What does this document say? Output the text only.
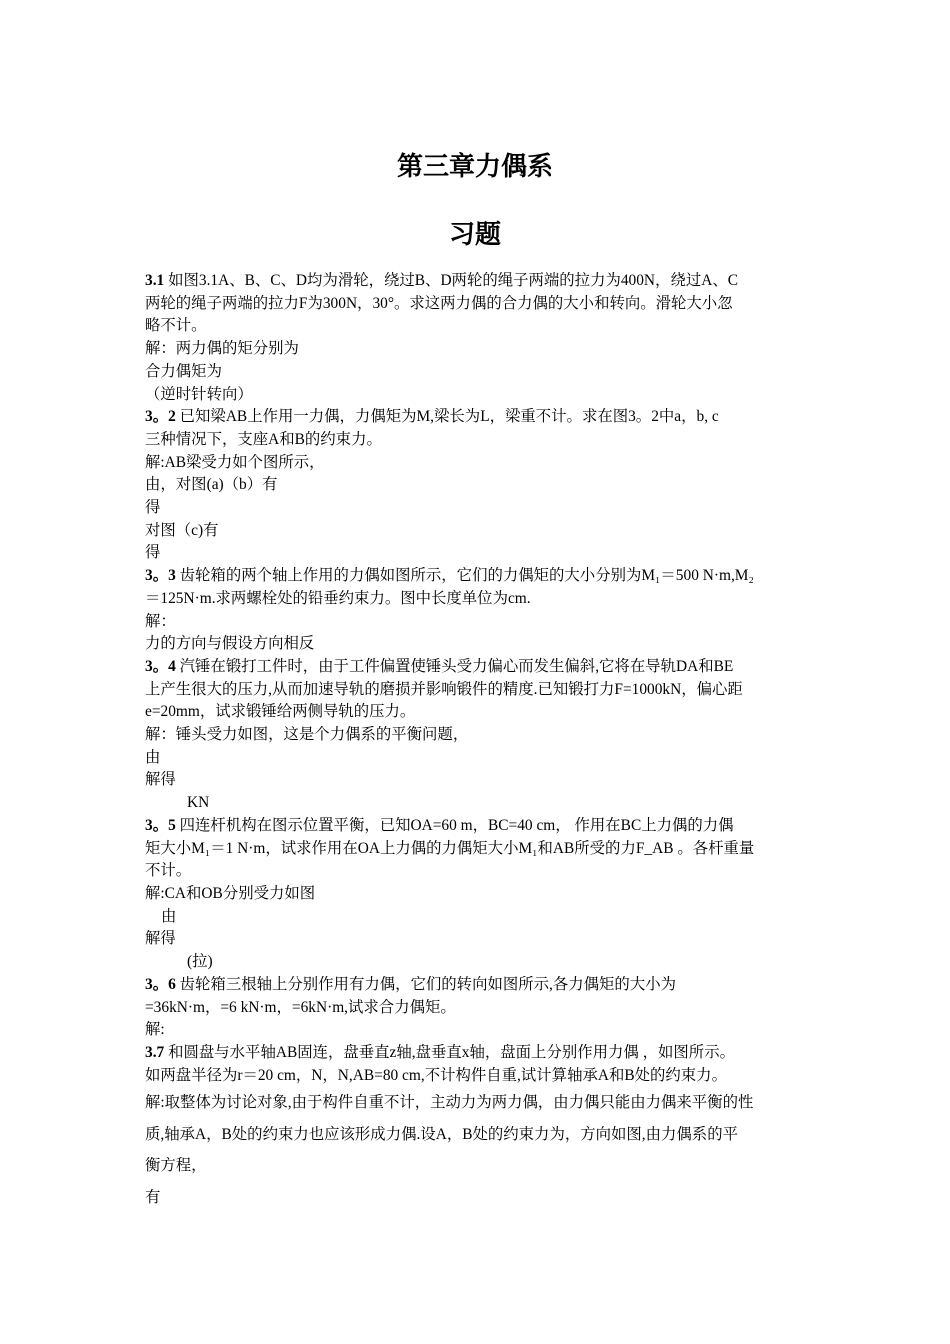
第三章力偶系
习题

3.1 如图3.1A、B、C、D均为滑轮，绕过B、D两轮的绳子两端的拉力为400N，绕过A、C

两轮的绳子两端的拉力F为300N，30°。求这两力偶的合力偶的大小和转向。滑轮大小忽

略不计。

解：两力偶的矩分别为

合力偶矩为

（逆时针转向）

3。2 已知梁AB上作用一力偶，力偶矩为M,梁长为L，梁重不计。求在图3。2中a，b, c

三种情况下，支座A和B的约束力。

解:AB梁受力如个图所示，

由，对图(a)（b）有

得

对图（c)有

得

3。3 齿轮箱的两个轴上作用的力偶如图所示，它们的力偶矩的大小分别为M₁＝500 N·m,M₂

＝125N·m.求两螺栓处的铅垂约束力。图中长度单位为cm.

解：

力的方向与假设方向相反

3。4 汽锤在锻打工件时，由于工件偏置使锤头受力偏心而发生偏斜,它将在导轨DA和BE

上产生很大的压力,从而加速导轨的磨损并影响锻件的精度.已知锻打力F=1000kN，偏心距

e=20mm，试求锻锤给两侧导轨的压力。

解：锤头受力如图，这是个力偶系的平衡问题，

由

解得

KN

3。5 四连杆机构在图示位置平衡，已知OA=60 m，BC=40 cm， 作用在BC上力偶的力偶

矩大小M₁＝1 N·m，试求作用在OA上力偶的力偶矩大小M₁和AB所受的力F_AB 。各杆重量

不计。

解:CA和OB分别受力如图

由

解得

(拉)

3。6 齿轮箱三根轴上分别作用有力偶，它们的转向如图所示,各力偶矩的大小为

=36kN·m，=6 kN·m，=6kN·m,试求合力偶矩。

解:

3.7 和圆盘与水平轴AB固连，盘垂直z轴,盘垂直x轴，盘面上分别作用力偶 ，如图所示。

如两盘半径为r＝20 cm，N，N,AB=80 cm,不计构件自重,试计算轴承A和B处的约束力。

解:取整体为讨论对象,由于构件自重不计，主动力为两力偶，由力偶只能由力偶来平衡的性

质,轴承A，B处的约束力也应该形成力偶.设A，B处的约束力为，方向如图,由力偶系的平

衡方程，

有
